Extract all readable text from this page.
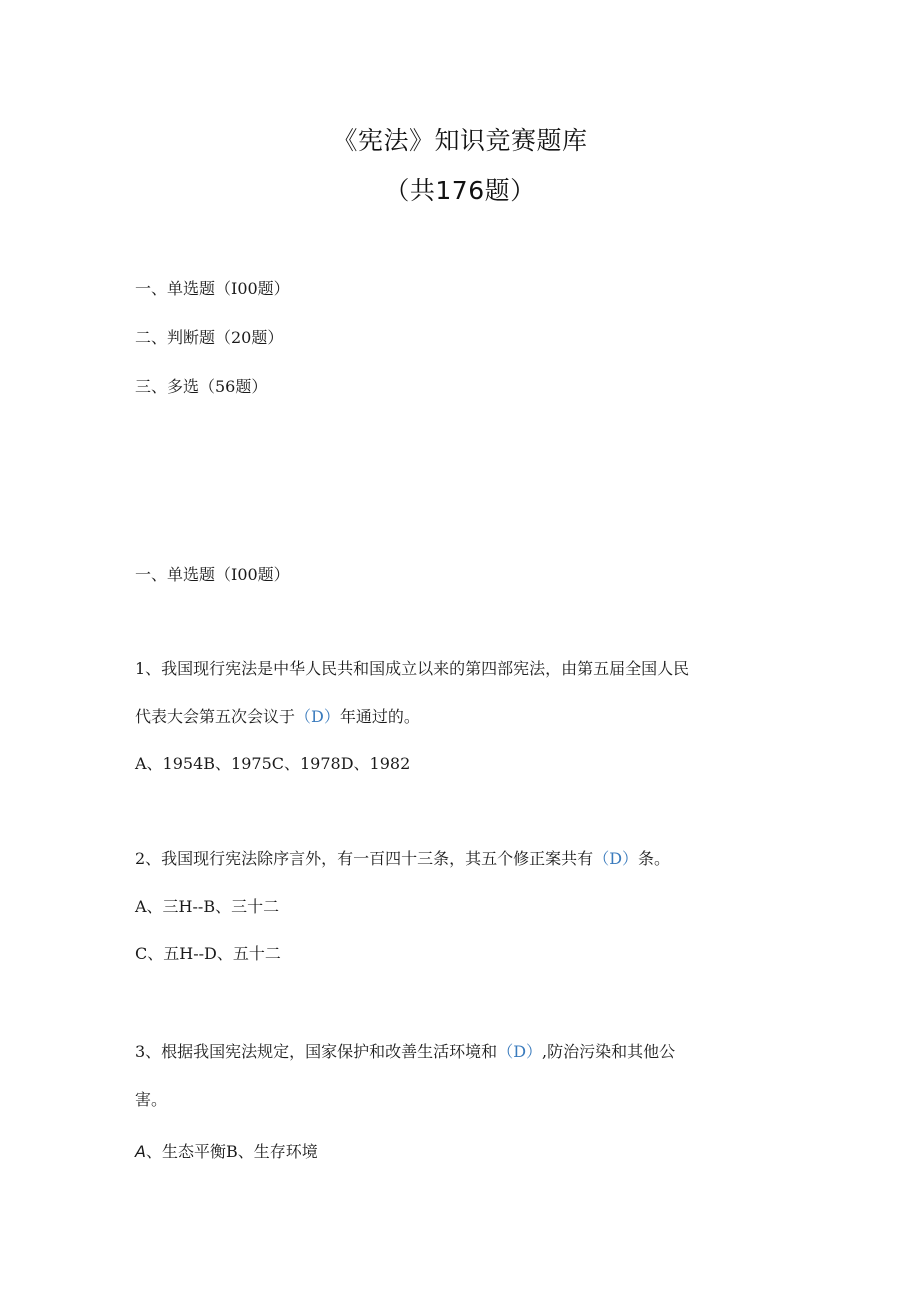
《宪法》知识竞赛题库
（共176题）
一、单选题（I00题）
二、判断题（20题）
三、多选（56题）
一、单选题（I00题）
1、我国现行宪法是中华人民共和国成立以来的第四部宪法，由第五届全国人民
代表大会第五次会议于（D）年通过的。
A、1954B、1975C、1978D、1982
2、我国现行宪法除序言外，有一百四十三条，其五个修正案共有（D）条。
A、三H--B、三十二
C、五H--D、五十二
3、根据我国宪法规定，国家保护和改善生活环境和（D）,防治污染和其他公
害。
A、生态平衡B、生存环境
